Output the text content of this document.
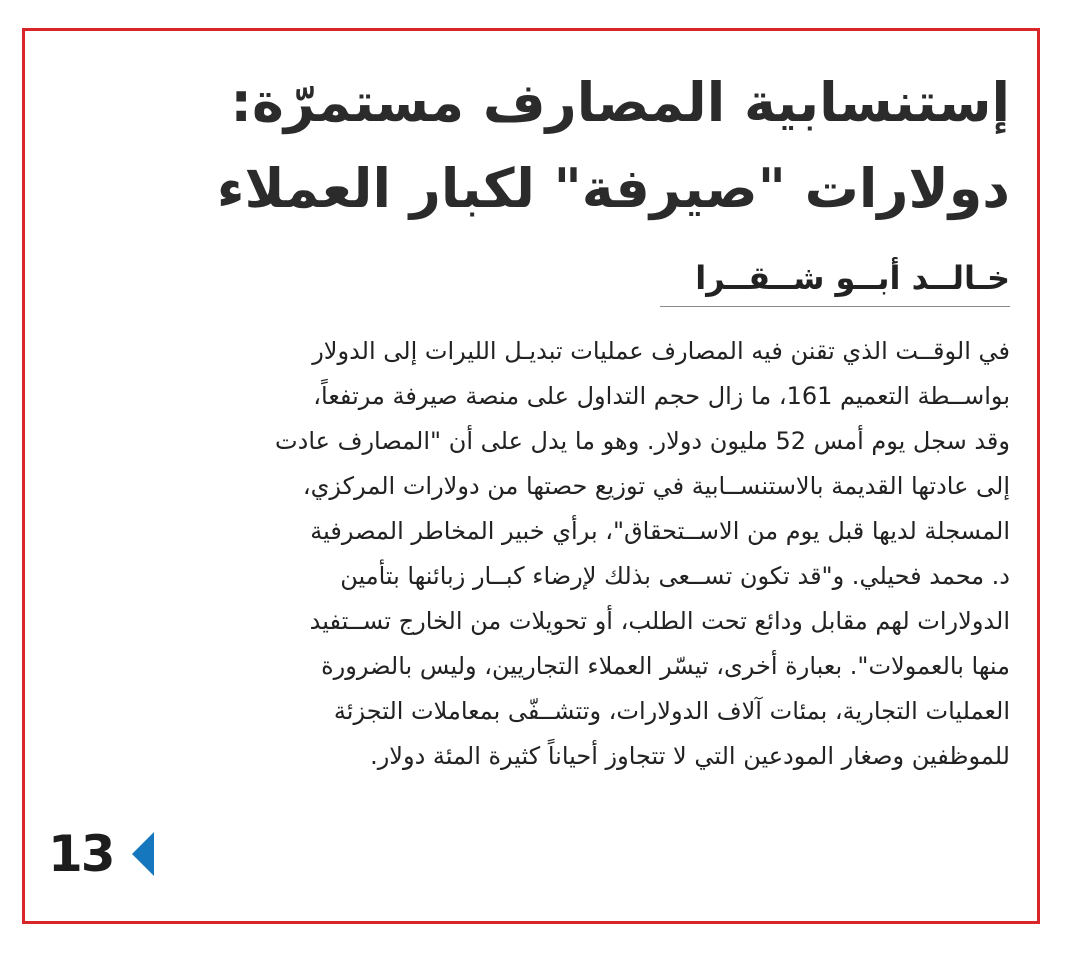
إستنسابية المصارف مستمرّة:
دولارات "صيرفة" لكبار العملاء
خـالــد أبــو شــقــرا
في الوقــت الذي تقنن فيه المصارف عمليات تبديـل الليرات إلى الدولار
بواســطة التعميم 161، ما زال حجم التداول على منصة صيرفة مرتفعاً،
وقد سجل يوم أمس 52 مليون دولار. وهو ما يدل على أن "المصارف عادت
إلى عادتها القديمة بالاستنســابية في توزيع حصتها من دولارات المركزي،
المسجلة لديها قبل يوم من الاســتحقاق"، برأي خبير المخاطر المصرفية
د. محمد فحيلي. و"قد تكون تســعى بذلك لإرضاء كبــار زبائنها بتأمين
الدولارات لهم مقابل ودائع تحت الطلب، أو تحويلات من الخارج تســتفيد
منها بالعمولات". بعبارة أخرى، تيسّر العملاء التجاريين، وليس بالضرورة
العمليات التجارية، بمئات آلاف الدولارات، وتتشــفّى بمعاملات التجزئة
للموظفين وصغار المودعين التي لا تتجاوز أحياناً كثيرة المئة دولار.
13
